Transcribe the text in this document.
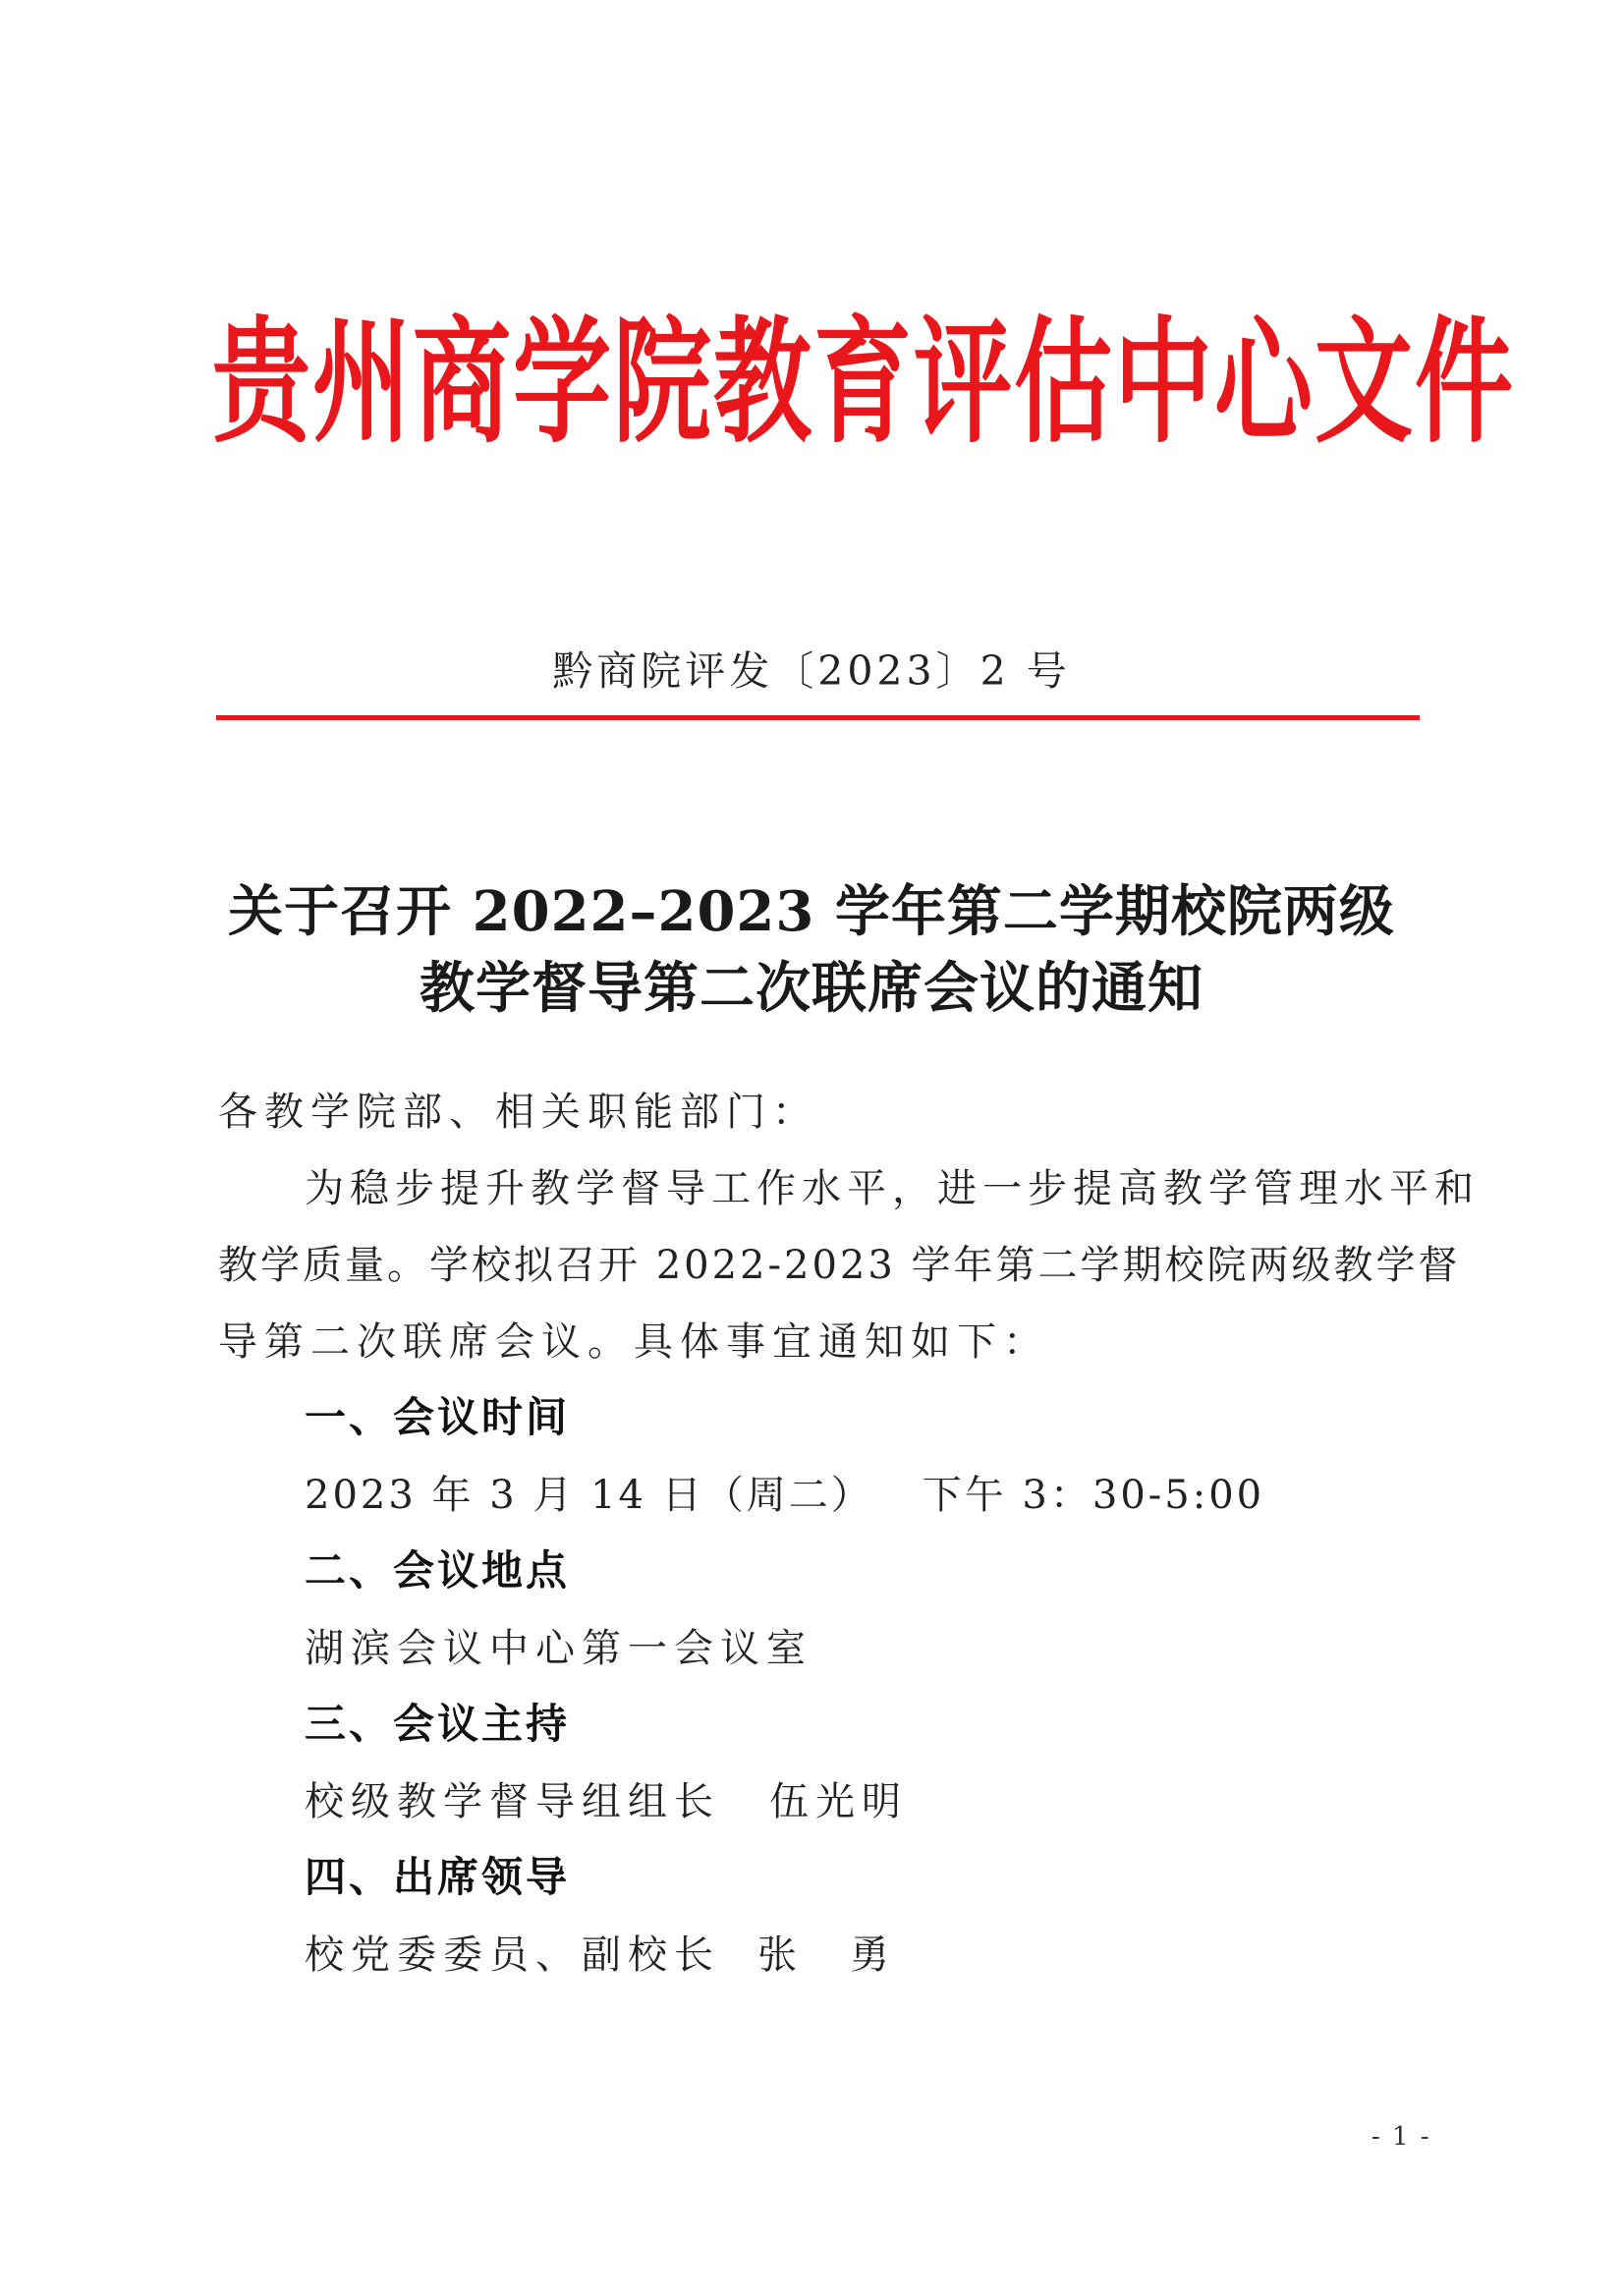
贵州商学院教育评估中心文件
黔商院评发〔2023〕2 号
关于召开 2022–2023 学年第二学期校院两级
教学督导第二次联席会议的通知
各教学院部、相关职能部门：
为稳步提升教学督导工作水平，进一步提高教学管理水平和
教学质量。学校拟召开 2022-2023 学年第二学期校院两级教学督
导第二次联席会议。具体事宜通知如下：
一、会议时间
2023 年 3 月 14 日（周二） 下午 3：30-5:00
二、会议地点
湖滨会议中心第一会议室
三、会议主持
校级教学督导组组长 伍光明
四、出席领导
校党委委员、副校长 张　勇
- 1 -
